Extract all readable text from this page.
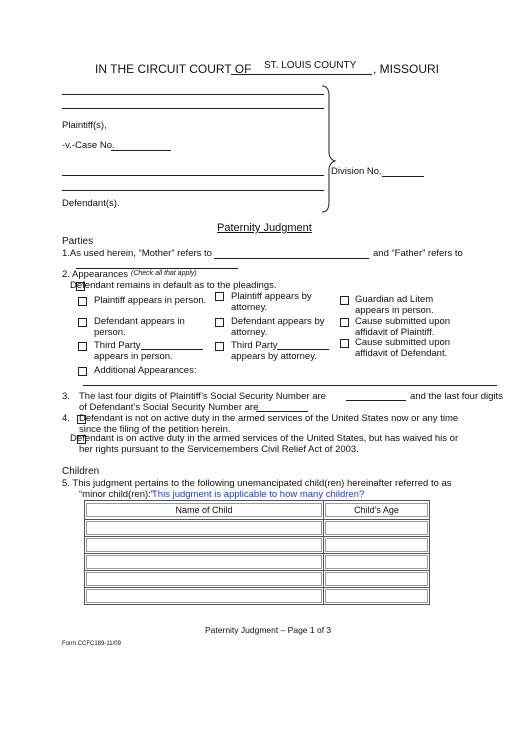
IN THE CIRCUIT COURT OF ST. LOUIS COUNTY , MISSOURI
Plaintiff(s),
-v.-Case No.
Defendant(s).
Division No.
Paternity Judgment
Parties
1.As used herein, “Mother” refers to	and “Father” refers to
2. Appearances (Check all that apply)
Defendant remains in default as to the pleadings.
Plaintiff appears in person.	Plaintiff appears by
attorney.
Guardian ad Litem
appears in person.
Defendant appears in
person.
Defendant appears by
attorney.
Cause submitted upon
affidavit of Plaintiff.
Third Party
appears in person.
Third Party
appears by attorney.
Cause submitted upon
affidavit of Defendant.
Additional Appearances:
3. The last four digits of Plaintiff’s Social Security Number are	and the last four digits
of Defendant’s Social Security Number are
4. Defendant is not on active duty in the armed services of the United States now or any time
since the filing of the petition herein.
Defendant is on active duty in the armed services of the United States, but has waived his or
her rights pursuant to the Servicemembers Civil Relief Act of 2003.
Children
5. This judgment pertains to the following unemancipated child(ren) hereinafter referred to as
“minor child(ren):”
This judgment is applicable to how many children?
Name of Child	Child’s Age

Paternity Judgment – Page 1 of 3
Form CCFC189-11/09
